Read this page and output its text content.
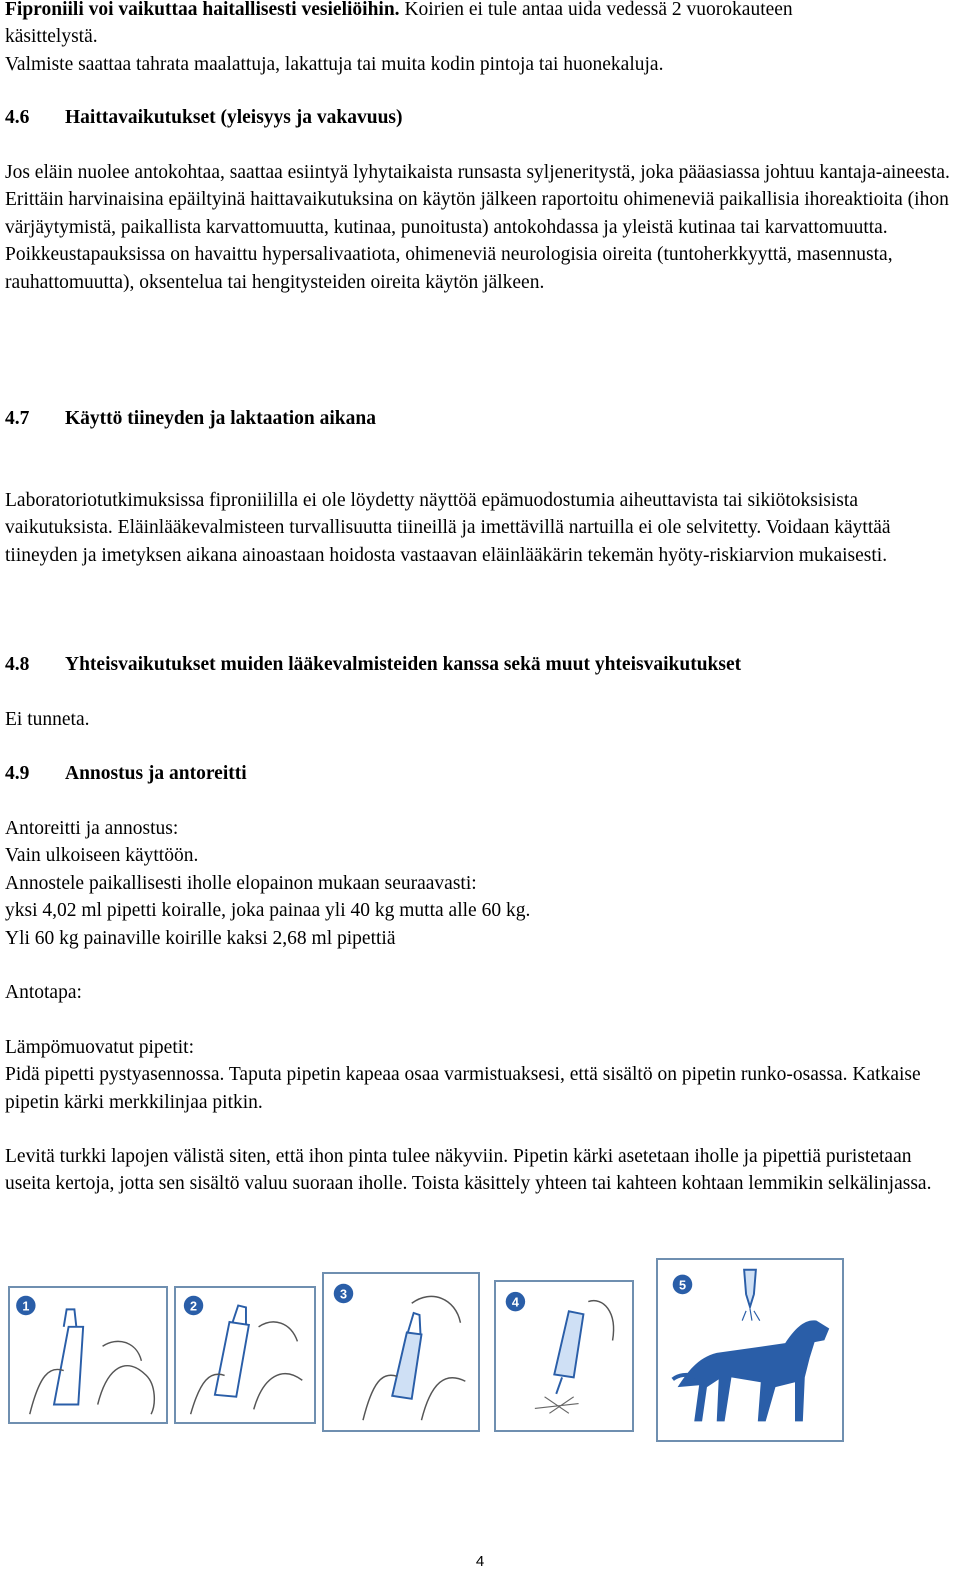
Fiproniili voi vaikuttaa haitallisesti vesieliöihin. Koirien ei tule antaa uida vedessä 2 vuorokauteen

käsittelystä.

Valmiste saattaa tahrata maalattuja, lakattuja tai muita kodin pintoja tai huonekaluja.

4.6 Haittavaikutukset (yleisyys ja vakavuus)

Jos eläin nuolee antokohtaa, saattaa esiintyä lyhytaikaista runsasta syljeneritystä, joka pääasiassa johtuu kantaja-aineesta.

Erittäin harvinaisina epäiltyinä haittavaikutuksina on käytön jälkeen raportoitu ohimeneviä paikallisia ihoreaktioita (ihon värjäytymistä, paikallista karvattomuutta, kutinaa, punoitusta) antokohdassa ja yleistä kutinaa tai karvattomuutta. Poikkeustapauksissa on havaittu hypersalivaatiota, ohimeneviä neurologisia oireita (tuntoherkkyyttä, masennusta, rauhattomuutta), oksentelua tai hengitysteiden oireita käytön jälkeen.

4.7 Käyttö tiineyden ja laktaation aikana

Laboratoriotutkimuksissa fiproniililla ei ole löydetty näyttöä epämuodostumia aiheuttavista tai sikiötoksisista vaikutuksista. Eläinlääkevalmisteen turvallisuutta tiineillä ja imettävillä nartuilla ei ole selvitetty. Voidaan käyttää tiineyden ja imetyksen aikana ainoastaan hoidosta vastaavan eläinlääkärin tekemän hyöty-riskiarvion mukaisesti.

4.8 Yhteisvaikutukset muiden lääkevalmisteiden kanssa sekä muut yhteisvaikutukset

Ei tunneta.

4.9 Annostus ja antoreitti

Antoreitti ja annostus:

Vain ulkoiseen käyttöön.

Annostele paikallisesti iholle elopainon mukaan seuraavasti:

yksi 4,02 ml pipetti koiralle, joka painaa yli 40 kg mutta alle 60 kg.

Yli 60 kg painaville koirille kaksi 2,68 ml pipettiä

Antotapa:

Lämpömuovatut pipetit:

Pidä pipetti pystyasennossa. Taputa pipetin kapeaa osaa varmistuaksesi, että sisältö on pipetin runko-osassa. Katkaise pipetin kärki merkkilinjaa pitkin.

Levitä turkki lapojen välistä siten, että ihon pinta tulee näkyviin. Pipetin kärki asetetaan iholle ja pipettiä puristetaan useita kertoja, jotta sen sisältö valuu suoraan iholle. Toista käsittely yhteen tai kahteen kohtaan lemmikin selkälinjassa.

1	2
3
4
5
4
